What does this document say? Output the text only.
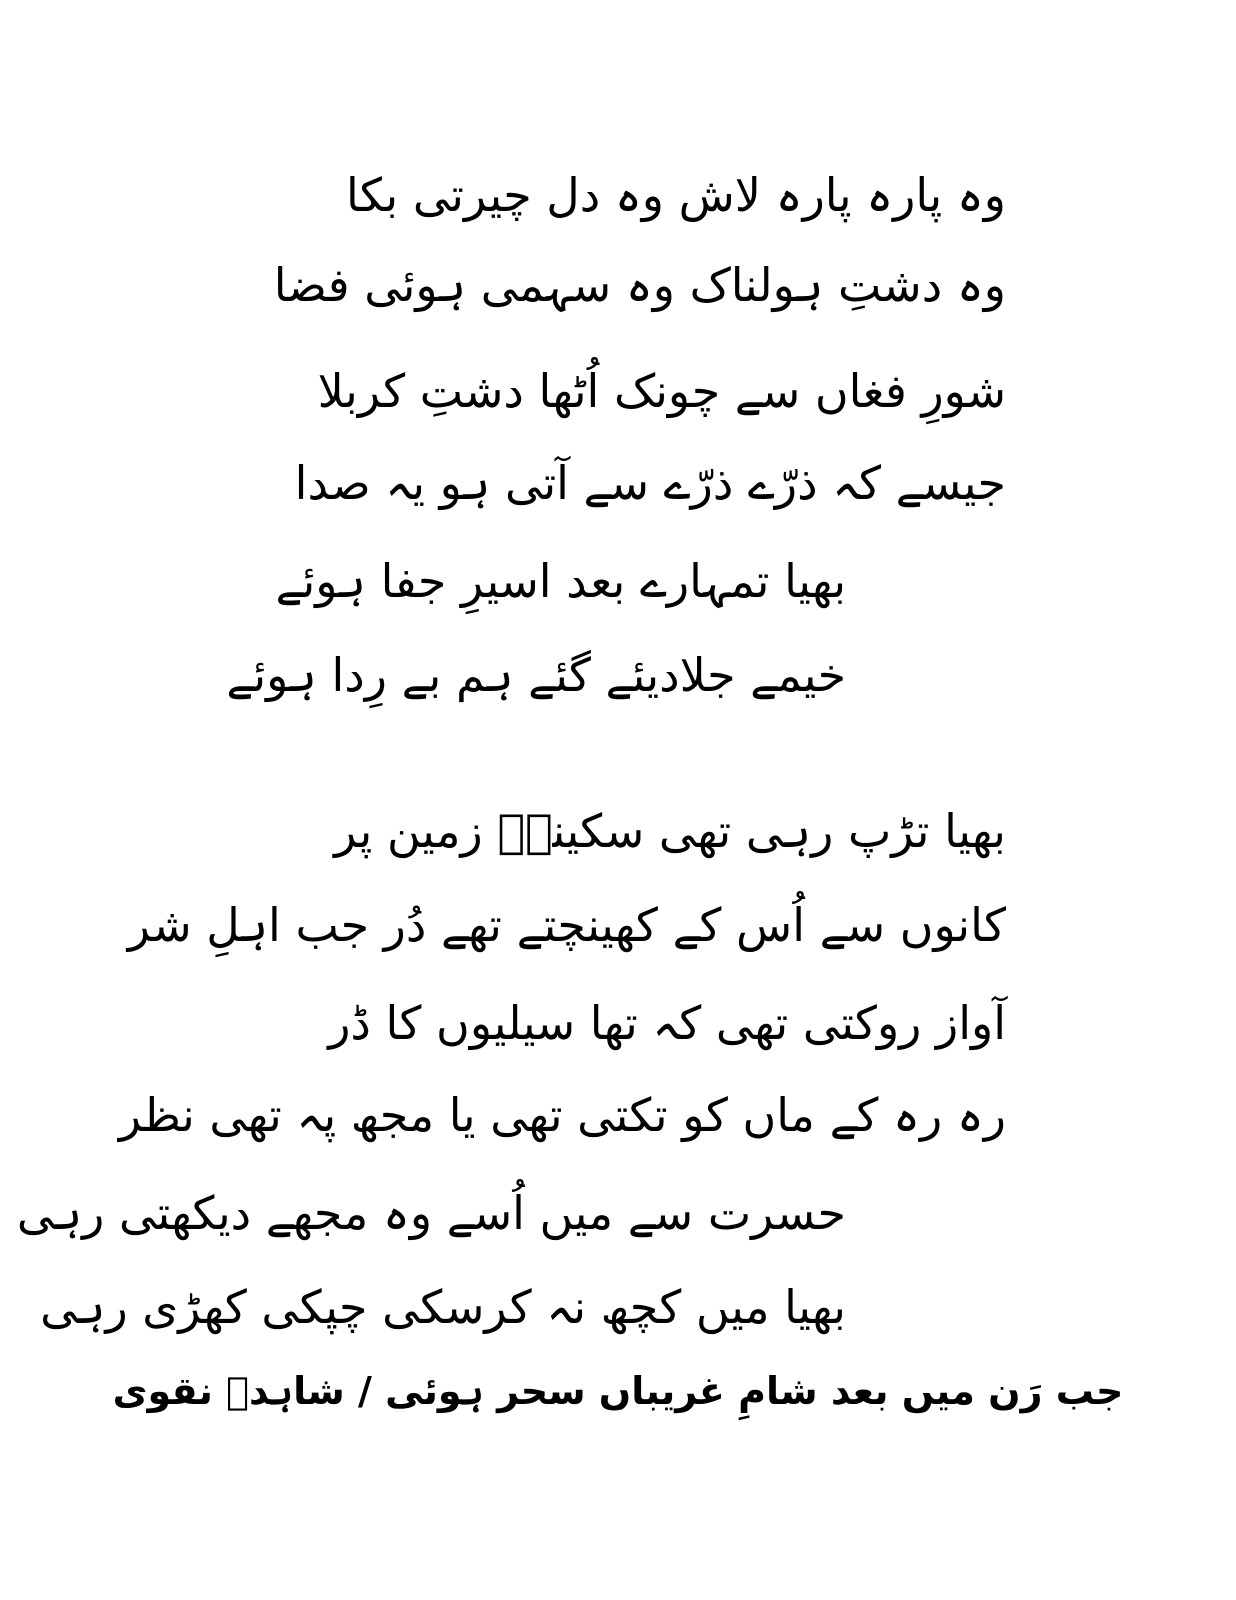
وہ پارہ پارہ لاش وہ دل چیرتی بکا
وہ دشتِ ہولناک وہ سہمی ہوئی فضا
شورِ فغاں سے چونک اُٹھا دشتِ کربلا
جیسے کہ ذرّے ذرّے سے آتی ہو یہ صدا
بھیا تمہارے بعد اسیرِ جفا ہوئے
خیمے جلادیئے گئے ہم بے رِدا ہوئے
بھیا تڑپ رہی تھی سکینہؑ زمین پر
کانوں سے اُس کے کھینچتے تھے دُر جب اہلِ شر
آواز روکتی تھی کہ تھا سیلیوں کا ڈر
رہ رہ کے ماں کو تکتی تھی یا مجھ پہ تھی نظر
حسرت سے میں اُسے وہ مجھے دیکھتی رہی
بھیا میں کچھ نہ کرسکی چپکی کھڑی رہی
جب رَن میں بعد شامِ غریباں سحر ہوئی / شاہدؔ نقوی
